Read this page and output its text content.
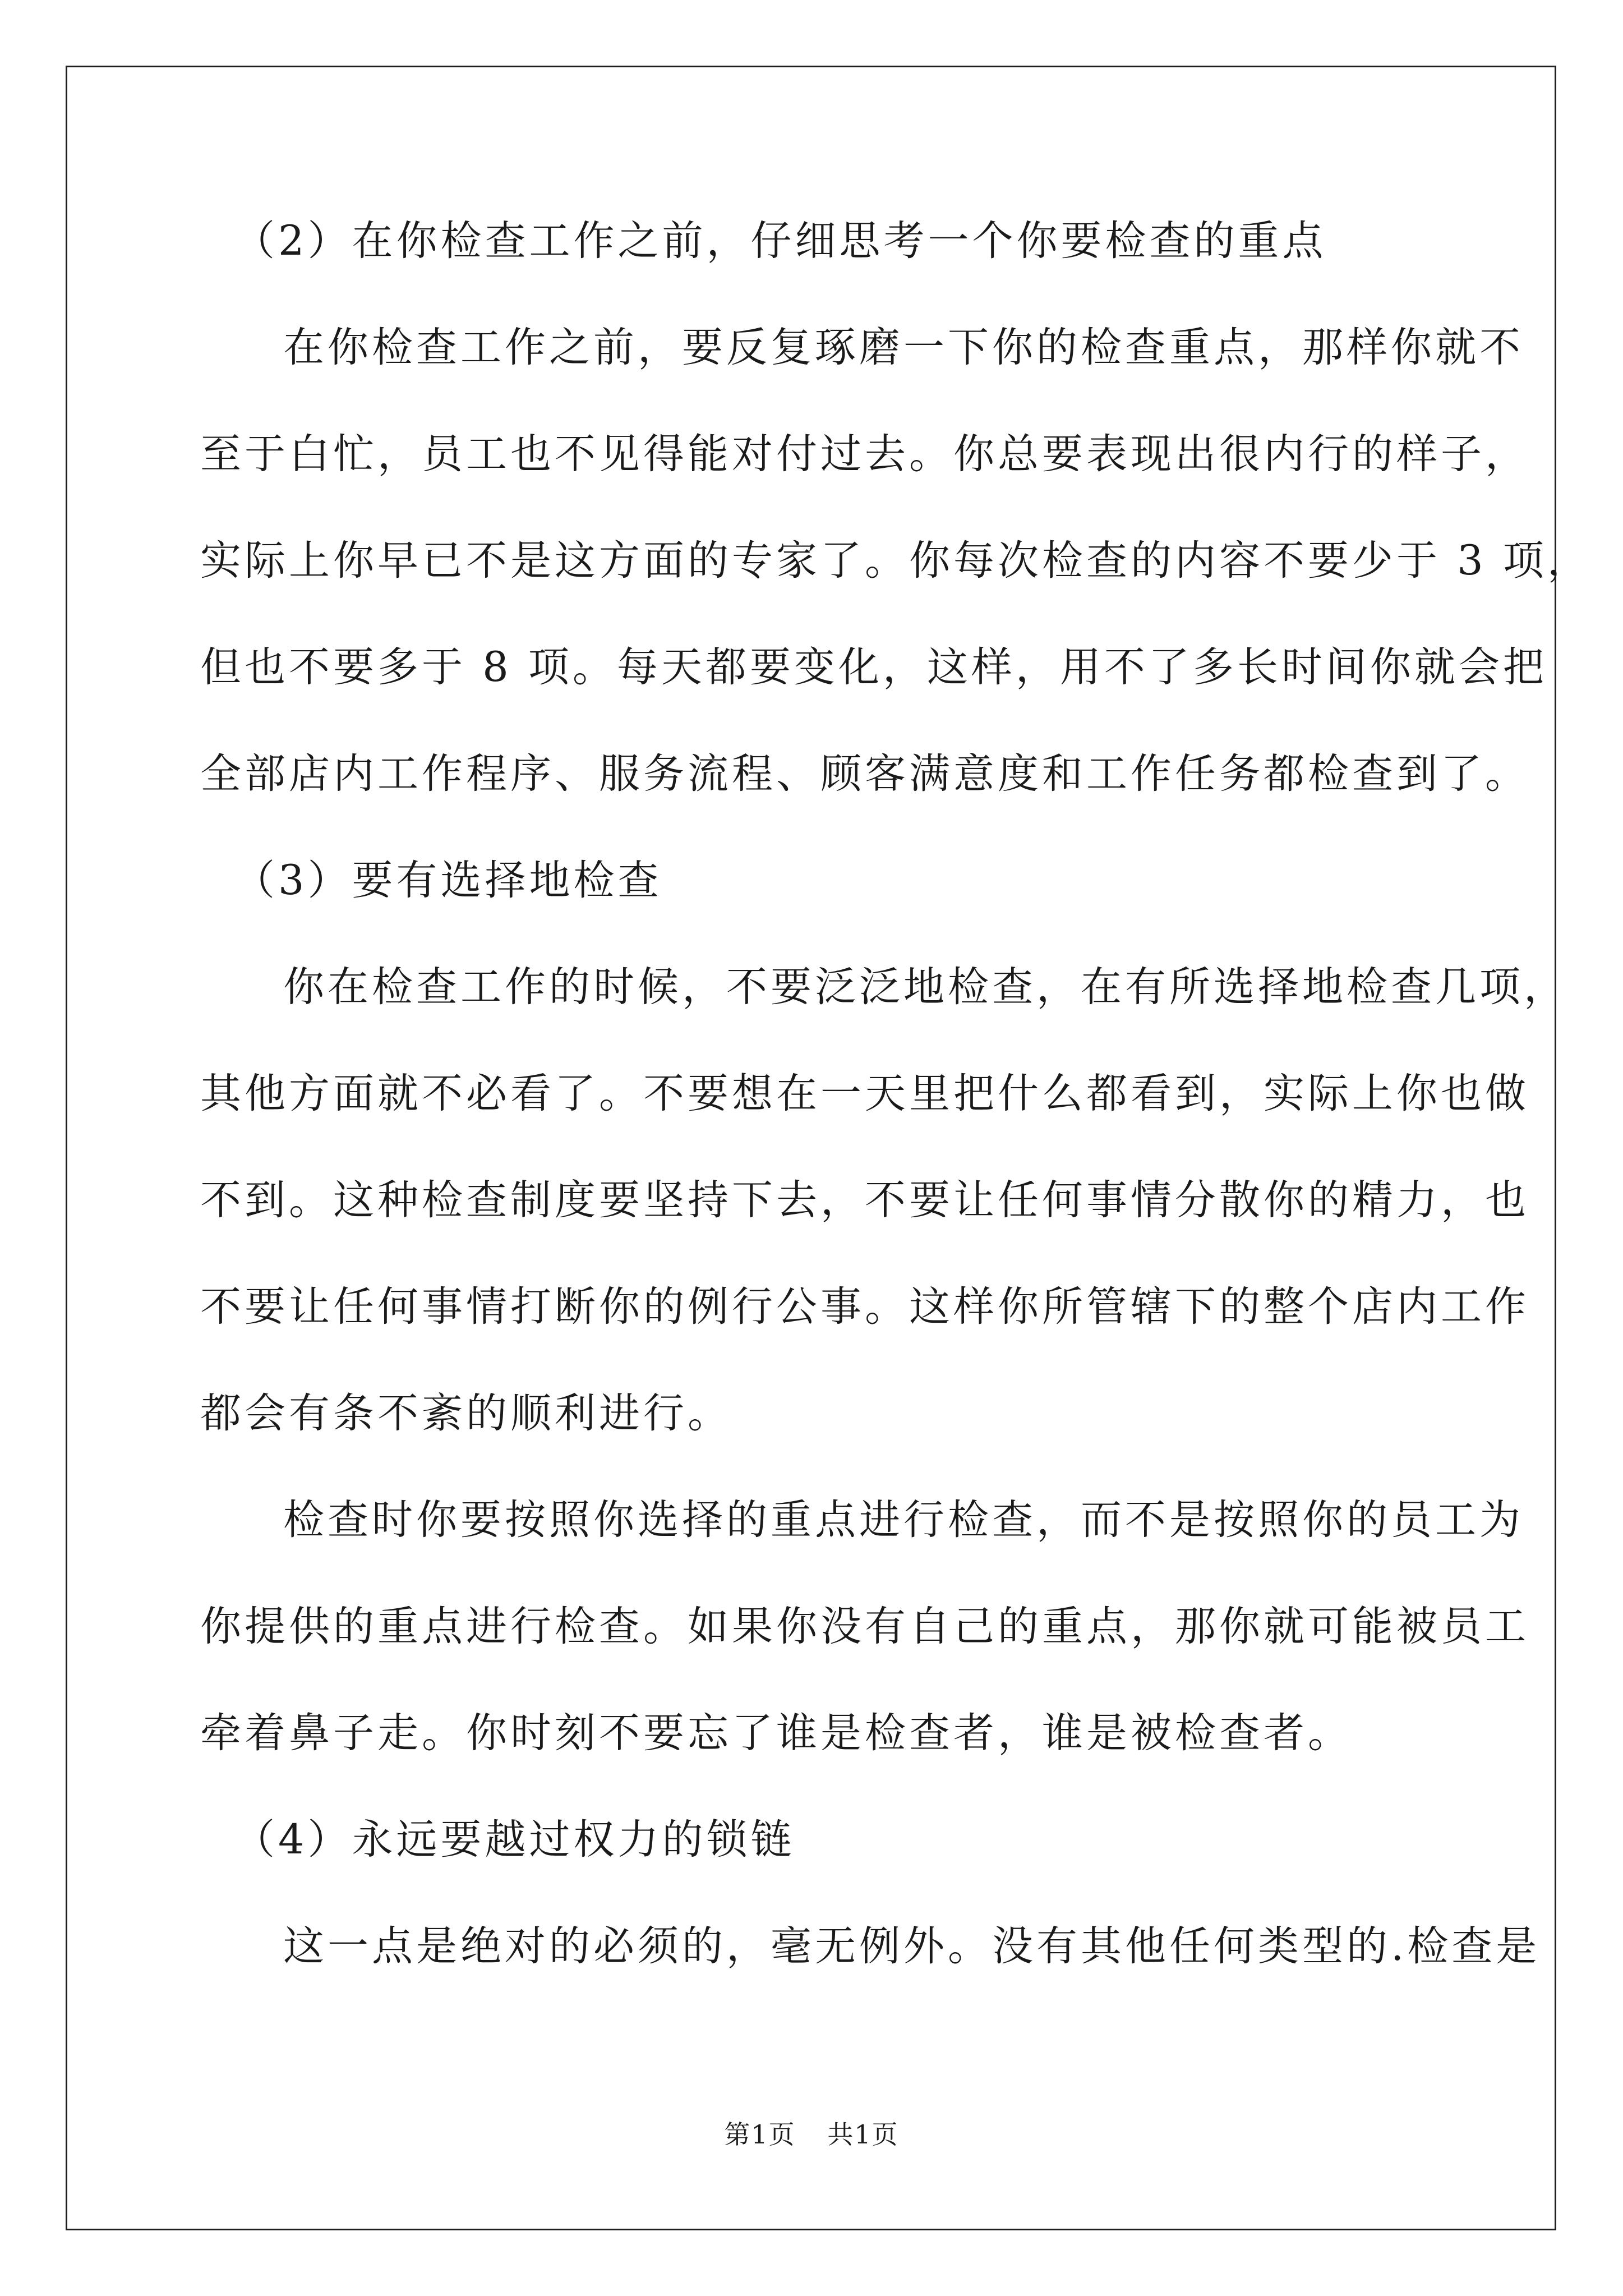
（2）在你检查工作之前，仔细思考一个你要检查的重点
在你检查工作之前，要反复琢磨一下你的检查重点，那样你就不
至于白忙，员工也不见得能对付过去。你总要表现出很内行的样子，
实际上你早已不是这方面的专家了。你每次检查的内容不要少于 3 项，
但也不要多于 8 项。每天都要变化，这样，用不了多长时间你就会把
全部店内工作程序、服务流程、顾客满意度和工作任务都检查到了。
（3）要有选择地检查
你在检查工作的时候，不要泛泛地检查，在有所选择地检查几项，
其他方面就不必看了。不要想在一天里把什么都看到，实际上你也做
不到。这种检查制度要坚持下去，不要让任何事情分散你的精力，也
不要让任何事情打断你的例行公事。这样你所管辖下的整个店内工作
都会有条不紊的顺利进行。
检查时你要按照你选择的重点进行检查，而不是按照你的员工为
你提供的重点进行检查。如果你没有自己的重点，那你就可能被员工
牵着鼻子走。你时刻不要忘了谁是检查者，谁是被检查者。
（4）永远要越过权力的锁链
这一点是绝对的必须的，毫无例外。没有其他任何类型的.检查是
第1页 共1页
